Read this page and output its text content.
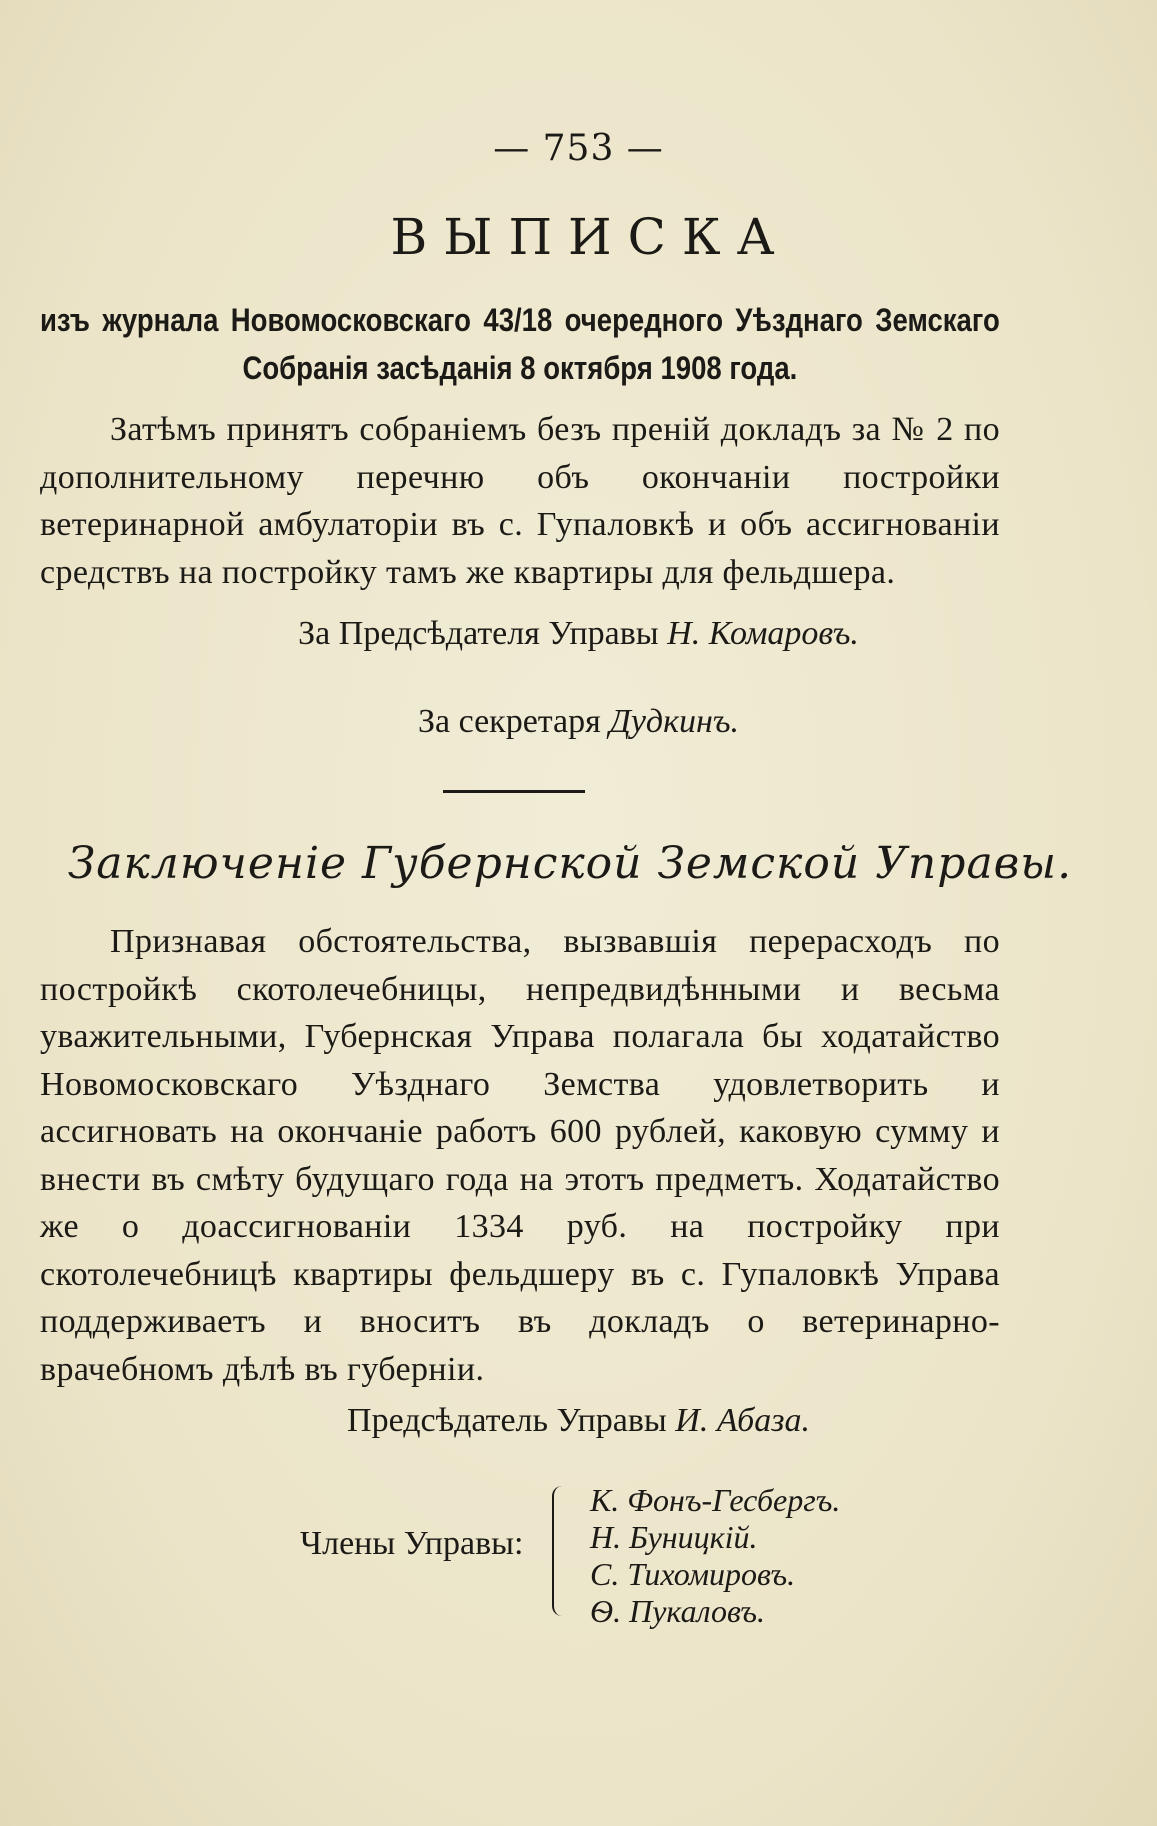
— 753 —
ВЫПИСКА
изъ журнала Новомосковскаго 43/18 очередного Уѣзднаго Земскаго Собранія засѣданія 8 октября 1908 года.
Затѣмъ принятъ собраніемъ безъ преній докладъ за № 2 по дополнительному перечню объ окончаніи постройки ветеринарной амбулаторіи въ с. Гупаловкѣ и объ ассигнованіи средствъ на постройку тамъ же квартиры для фельдшера.
За Предсѣдателя Управы Н. Комаровъ.
За секретаря Дудкинъ.
Заключеніе Губернской Земской Управы.
Признавая обстоятельства, вызвавшія перерасходъ по постройкѣ скотолечебницы, непредвидѣнными и весьма уважительными, Губернская Управа полагала бы ходатайство Новомосковскаго Уѣзднаго Земства удовлетворить и ассигновать на окончаніе работъ 600 рублей, каковую сумму и внести въ смѣту будущаго года на этотъ предметъ. Ходатайство же о доассигнованіи 1334 руб. на постройку при скотолечебницѣ квартиры фельдшеру въ с. Гупаловкѣ Управа поддерживаетъ и вноситъ въ докладъ о ветеринарно-врачебномъ дѣлѣ въ губерніи.
Предсѣдатель Управы И. Абаза.
Члены Управы:
К. Фонъ-Гесбергъ.
Н. Буницкій.
С. Тихомировъ.
Ѳ. Пукаловъ.
